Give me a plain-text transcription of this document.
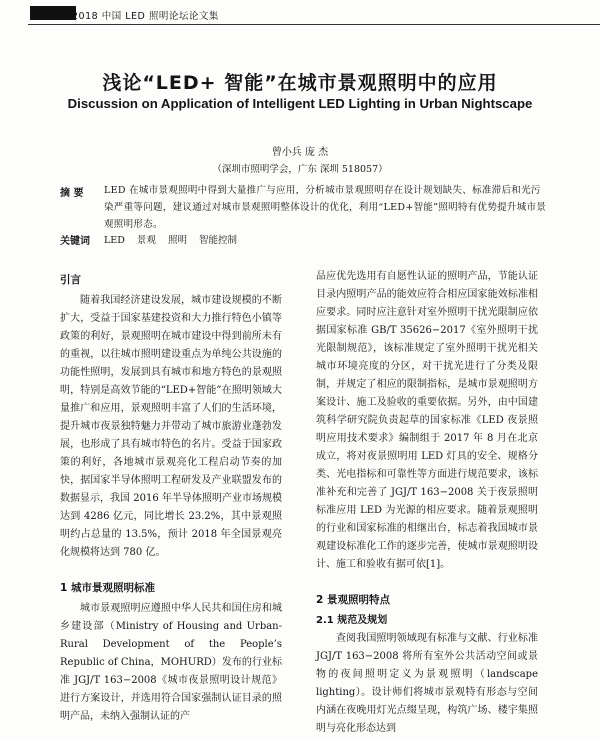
2018 中国 LED 照明论坛论文集
浅论“LED+ 智能”在城市景观照明中的应用
Discussion on Application of Intelligent LED Lighting in Urban Nightscape
曾小兵 庞 杰
（深圳市照明学会，广东 深圳 518057）
摘 要 LED 在城市景观照明中得到大量推广与应用，分析城市景观照明存在设计规划缺失、标准滞后和光污染严重等问题，建议通过对城市景观照明整体设计的优化，利用“LED+智能”照明特有优势提升城市景观照明形态。
关键词 LED 景观 照明 智能控制

引言

随着我国经济建设发展，城市建设规模的不断扩大，受益于国家基建投资和大力推行特色小镇等政策的利好，景观照明在城市建设中得到前所未有的重视，以往城市照明建设重点为单纯公共设施的功能性照明，发展到具有城市和地方特色的景观照明，特别是高效节能的“LED+智能”在照明领域大量推广和应用，景观照明丰富了人们的生活环境，提升城市夜景独特魅力并带动了城市旅游业蓬勃发展，也形成了具有城市特色的名片。受益于国家政策的利好，各地城市景观亮化工程启动节奏的加快，据国家半导体照明工程研发及产业联盟发布的数据显示，我国 2016 年半导体照明产业市场规模达到 4286 亿元，同比增长 23.2%，其中景观照明约占总量的 13.5%，预计 2018 年全国景观亮化规模将达到 780 亿。

1 城市景观照明标准

城市景观照明应遵照中华人民共和国住房和城乡建设部（Ministry of Housing and Urban-Rural Development of the People’s Republic of China，MOHURD）发布的行业标准 JGJ/T 163−2008《城市夜景照明设计规范》进行方案设计，并选用符合国家强制认证目录的照明产品，未纳入强制认证的产

品应优先选用有自愿性认证的照明产品，节能认证目录内照明产品的能效应符合相应国家能效标准相应要求。同时应注意针对室外照明干扰光限制应依据国家标准 GB/T 35626−2017《室外照明干扰光限制规范》，该标准规定了室外照明干扰光相关城市环境亮度的分区，对干扰光进行了分类及限制，并规定了相应的限制指标，是城市景观照明方案设计、施工及验收的重要依据。另外，由中国建筑科学研究院负责起草的国家标准《LED 夜景照明应用技术要求》编制组于 2017 年 8 月在北京成立，将对夜景照明用 LED 灯具的安全、规格分类、光电指标和可靠性等方面进行规范要求，该标准补充和完善了 JGJ/T 163−2008 关于夜景照明标准应用 LED 为光源的相应要求。随着景观照明的行业和国家标准的相继出台，标志着我国城市景观建设标准化工作的逐步完善，使城市景观照明设计、施工和验收有据可依[1]。

2 景观照明特点

2.1 规范及规划

查阅我国照明领域现有标准与文献、行业标准 JGJ/T 163−2008 将所有室外公共活动空间或景物的夜间照明定义为景观照明（landscape lighting）。设计师们将城市景观特有形态与空间内涵在夜晚用灯光点缀呈现，构筑广场、楼宇集照明与亮化形态达到
